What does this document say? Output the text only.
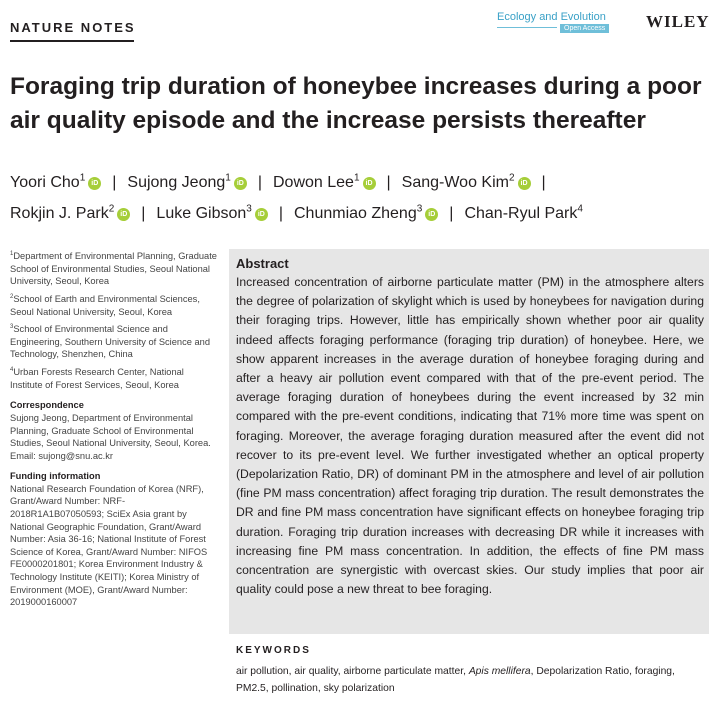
NATURE NOTES
Ecology and Evolution
Open Access WILEY
Foraging trip duration of honeybee increases during a poor air quality episode and the increase persists thereafter
Yoori Cho$^1$ iD | Sujong Jeong$^1$ iD | Dowon Lee$^1$ iD | Sang-Woo Kim$^2$ iD |
Rokjin J. Park$^2$ iD | Luke Gibson$^3$ iD | Chunmiao Zheng$^3$ iD | Chan-Ryul Park$^4$
$^1$Department of Environmental Planning, Graduate School of Environmental Studies, Seoul National University, Seoul, Korea
$^2$School of Earth and Environmental Sciences, Seoul National University, Seoul, Korea
$^3$School of Environmental Science and Engineering, Southern University of Science and Technology, Shenzhen, China
$^4$Urban Forests Research Center, National Institute of Forest Services, Seoul, Korea
Correspondence
Sujong Jeong, Department of Environmental Planning, Graduate School of Environmental Studies, Seoul National University, Seoul, Korea.
Email: sujong@snu.ac.kr
Funding information
National Research Foundation of Korea (NRF), Grant/Award Number: NRF-2018R1A1B07050593; SciEx Asia grant by National Geographic Foundation, Grant/Award Number: Asia 36-16; National Institute of Forest Science of Korea, Grant/Award Number: NIFOS FE0000201801; Korea Environment Industry & Technology Institute (KEITI); Korea Ministry of Environment (MOE), Grant/Award Number: 2019000160007
Abstract
Increased concentration of airborne particulate matter (PM) in the atmosphere alters the degree of polarization of skylight which is used by honeybees for navigation during their foraging trips. However, little has empirically shown whether poor air quality indeed affects foraging performance (foraging trip duration) of honeybee. Here, we show apparent increases in the average duration of honeybee foraging during and after a heavy air pollution event compared with that of the pre-event period. The average foraging duration of honeybees during the event increased by 32 min compared with the pre-event conditions, indicating that 71% more time was spent on foraging. Moreover, the average foraging duration measured after the event did not recover to its pre-event level. We further investigated whether an optical property (Depolarization Ratio, DR) of dominant PM in the atmosphere and level of air pollution (fine PM mass concentration) affect foraging trip duration. The result demonstrates the DR and fine PM mass concentration have significant effects on honeybee foraging trip duration. Foraging trip duration increases with decreasing DR while it increases with increasing fine PM mass concentration. In addition, the effects of fine PM mass concentration are synergistic with overcast skies. Our study implies that poor air quality could pose a new threat to bee foraging.
KEYWORDS
air pollution, air quality, airborne particulate matter, Apis mellifera, Depolarization Ratio, foraging, PM2.5, pollination, sky polarization
